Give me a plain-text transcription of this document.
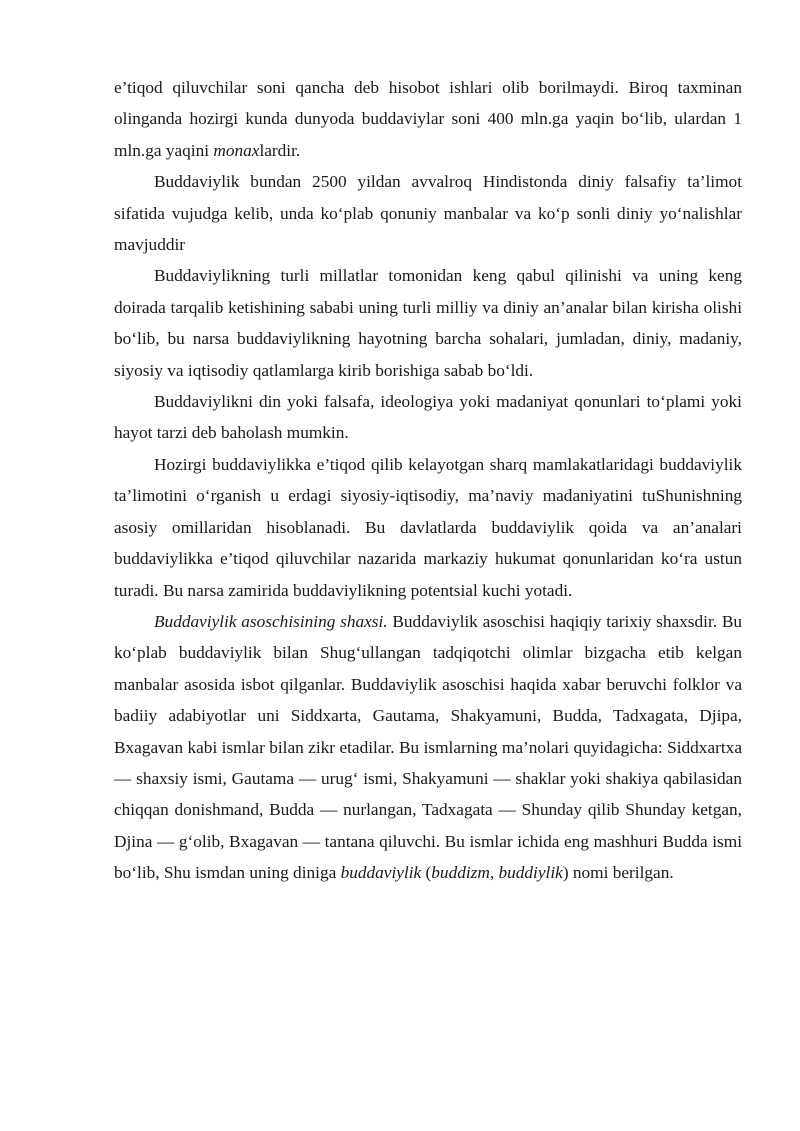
e’tiqod qiluvchilar soni qancha deb hisobot ishlari olib borilmaydi. Biroq taxminan olinganda hozirgi kunda dunyoda buddaviylar soni 400 mln.ga yaqin bo‘lib, ulardan 1 mln.ga yaqini monaxlardir.

Buddaviylik bundan 2500 yildan avvalroq Hindistonda diniy falsafiy ta’limot sifatida vujudga kelib, unda ko‘plab qonuniy manbalar va ko‘p sonli diniy yo‘nalishlar mavjuddir

Buddaviylikning turli millatlar tomonidan keng qabul qilinishi va uning keng doirada tarqalib ketishining sababi uning turli milliy va diniy an’analar bilan kirisha olishi bo‘lib, bu narsa buddaviylikning hayotning barcha sohalari, jumladan, diniy, madaniy, siyosiy va iqtisodiy qatlamlarga kirib borishiga sabab bo‘ldi.

Buddaviylikni din yoki falsafa, ideologiya yoki madaniyat qonunlari to‘plami yoki hayot tarzi deb baholash mumkin.

Hozirgi buddaviylikka e’tiqod qilib kelayotgan sharq mamlakatlaridagi buddaviylik ta’limotini o‘rganish u erdagi siyosiy-iqtisodiy, ma’naviy madaniyatini tuShunishning asosiy omillaridan hisoblanadi. Bu davlatlarda buddaviylik qoida va an’analari buddaviylikka e’tiqod qiluvchilar nazarida markaziy hukumat qonunlaridan ko‘ra ustun turadi. Bu narsa zamirida buddaviylikning potentsial kuchi yotadi.

Buddaviylik asoschisining shaxsi. Buddaviylik asoschisi haqiqiy tarixiy shaxsdir. Bu ko‘plab buddaviylik bilan Shug‘ullangan tadqiqotchi olimlar bizgacha etib kelgan manbalar asosida isbot qilganlar. Buddaviylik asoschisi haqida xabar beruvchi folklor va badiiy adabiyotlar uni Siddxarta, Gautama, Shakyamuni, Budda, Tadxagata, Djipa, Bxagavan kabi ismlar bilan zikr etadilar. Bu ismlarning ma’nolari quyidagicha: Siddxartxa — shaxsiy ismi, Gautama — urug‘ ismi, Shakyamuni — shaklar yoki shakiya qabilasidan chiqqan donishmand, Budda — nurlangan, Tadxagata — Shunday qilib Shunday ketgan, Djina — g‘olib, Bxagavan — tantana qiluvchi. Bu ismlar ichida eng mashhuri Budda ismi bo‘lib, Shu ismdan uning diniga buddaviylik (buddizm, buddiylik) nomi berilgan.
